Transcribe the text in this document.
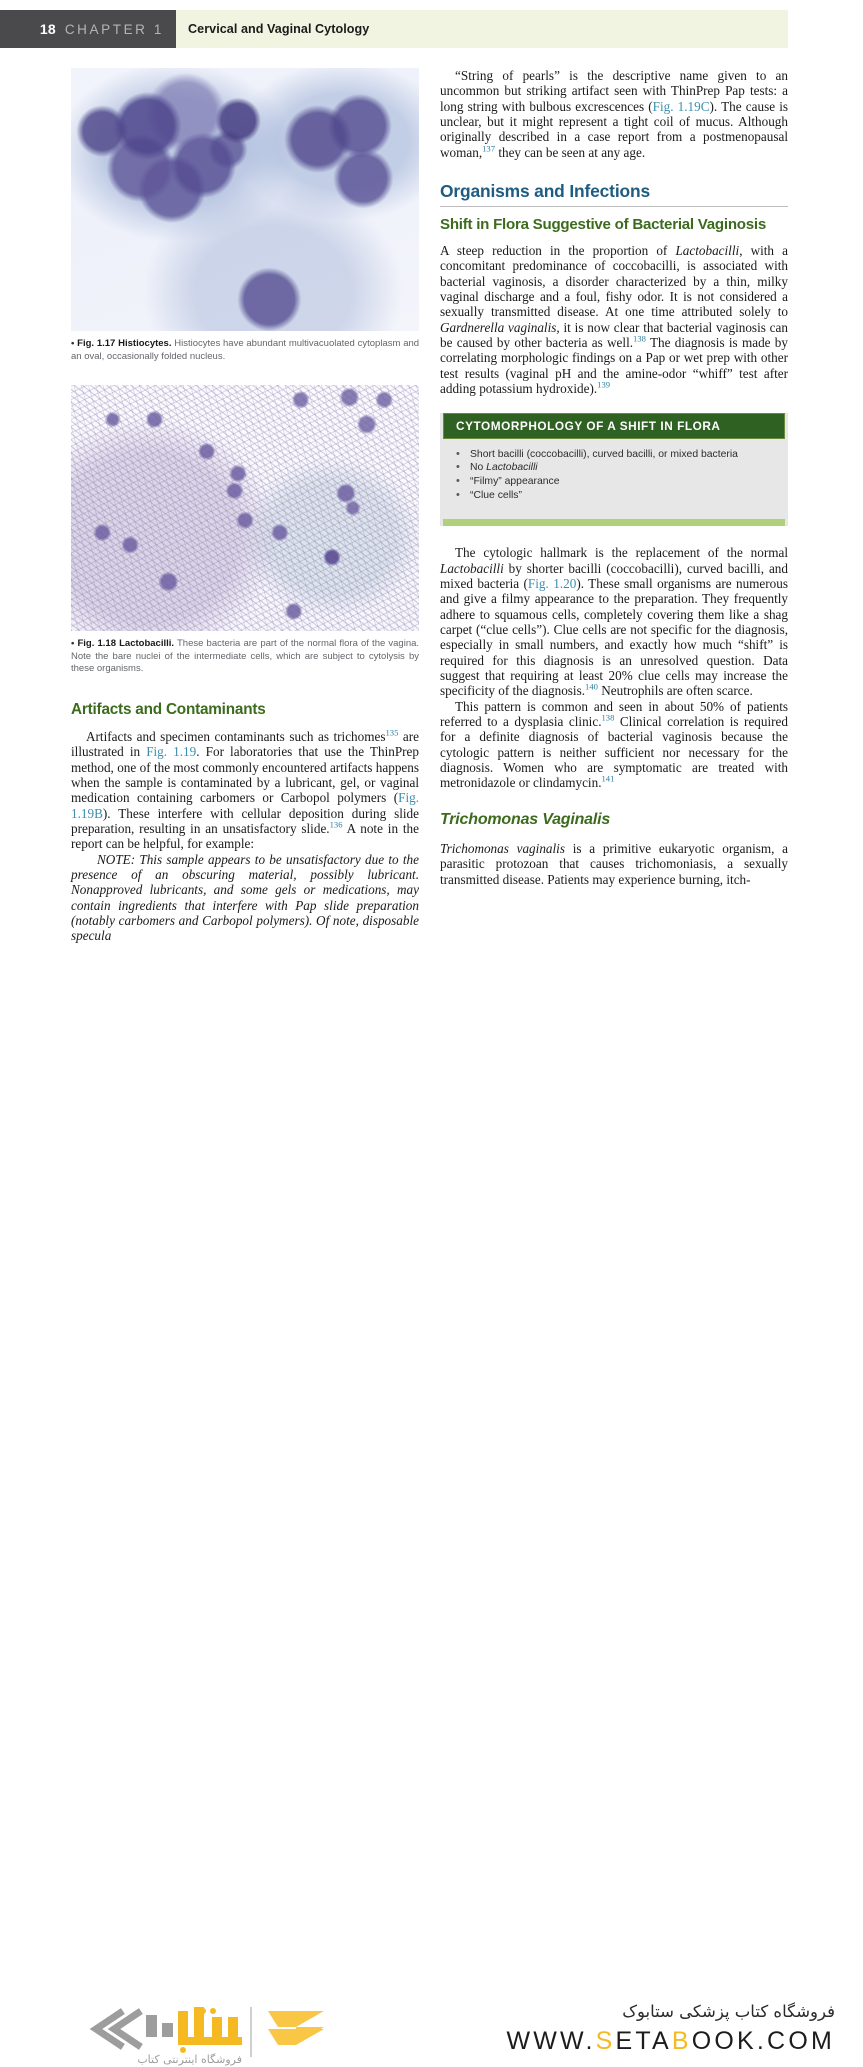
18 CHAPTER 1 Cervical and Vaginal Cytology

• Fig. 1.17 Histiocytes. Histiocytes have abundant multivacuolated cytoplasm and an oval, occasionally folded nucleus.

• Fig. 1.18 Lactobacilli. These bacteria are part of the normal flora of the vagina. Note the bare nuclei of the intermediate cells, which are subject to cytolysis by these organisms.

Artifacts and Contaminants

Artifacts and specimen contaminants such as trichomes$^{135}$ are illustrated in Fig. 1.19. For laboratories that use the ThinPrep method, one of the most commonly encountered artifacts happens when the sample is contaminated by a lubricant, gel, or vaginal medication containing carbomers or Carbopol polymers (Fig. 1.19B). These interfere with cellular deposition during slide preparation, resulting in an unsatisfactory slide.$^{136}$ A note in the report can be helpful, for example:

NOTE: This sample appears to be unsatisfactory due to the presence of an obscuring material, possibly lubricant. Nonapproved lubricants, and some gels or medications, may contain ingredients that interfere with Pap slide preparation (notably carbomers and Carbopol polymers). Of note, disposable specula

“String of pearls” is the descriptive name given to an uncommon but striking artifact seen with ThinPrep Pap tests: a long string with bulbous excrescences (Fig. 1.19C). The cause is unclear, but it might represent a tight coil of mucus. Although originally described in a case report from a postmenopausal woman,$^{137}$ they can be seen at any age.

Organisms and Infections
Shift in Flora Suggestive of Bacterial Vaginosis

A steep reduction in the proportion of Lactobacilli, with a concomitant predominance of coccobacilli, is associated with bacterial vaginosis, a disorder characterized by a thin, milky vaginal discharge and a foul, fishy odor. It is not considered a sexually transmitted disease. At one time attributed solely to Gardnerella vaginalis, it is now clear that bacterial vaginosis can be caused by other bacteria as well.$^{138}$ The diagnosis is made by correlating morphologic findings on a Pap or wet prep with other test results (vaginal pH and the amine-odor “whiff” test after adding potassium hydroxide).$^{139}$

CYTOMORPHOLOGY OF A SHIFT IN FLORA
• Short bacilli (coccobacilli), curved bacilli, or mixed bacteria
• No Lactobacilli
• “Filmy” appearance
• “Clue cells”

The cytologic hallmark is the replacement of the normal Lactobacilli by shorter bacilli (coccobacilli), curved bacilli, and mixed bacteria (Fig. 1.20). These small organisms are numerous and give a filmy appearance to the preparation. They frequently adhere to squamous cells, completely covering them like a shag carpet (“clue cells”). Clue cells are not specific for the diagnosis, especially in small numbers, and exactly how much “shift” is required for this diagnosis is an unresolved question. Data suggest that requiring at least 20% clue cells may increase the specificity of the diagnosis.$^{140}$ Neutrophils are often scarce.

This pattern is common and seen in about 50% of patients referred to a dysplasia clinic.$^{138}$ Clinical correlation is required for a definite diagnosis of bacterial vaginosis because the cytologic pattern is neither sufficient nor necessary for the diagnosis. Women who are symptomatic are treated with metronidazole or clindamycin.$^{141}$

Trichomonas Vaginalis

Trichomonas vaginalis is a primitive eukaryotic organism, a parasitic protozoan that causes trichomoniasis, a sexually transmitted disease. Patients may experience burning, itch-

فروشگاه اینترنتی کتاب
فروشگاه کتاب پزشکی ستابوک
WWW.SETABOOK.COM
